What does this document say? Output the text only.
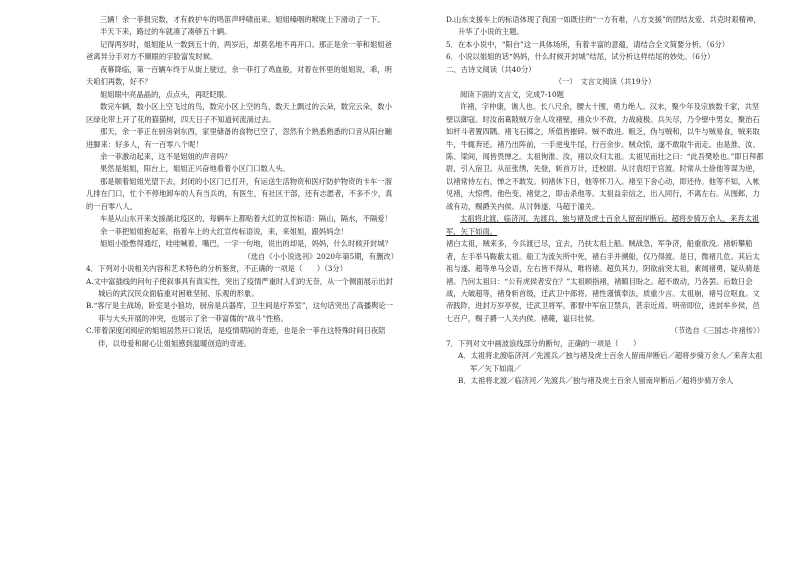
三辆！余一菲报完数，才有救护车的鸣笛声呼啸而来。姐姐嗓咽的喉咙上下滑动了一下。

半天下来，路过的车就凑了凑够五十辆。

记得两岁时，姐姐能从一数到五十的，两岁后，却莫名地不再开口。那正是余一菲和姐姐爸爸离异分手对方不顺眼的字脸富发时候。

夜幕降临，第一百辆车终于从街上驶过，余一菲打了鸡血般，对着在怀里的姐姐说，乖，明天咱们再数，好不？

姐姐眼中亮晶晶的，点点头，再眨眨眼。

数完车辆，数小区上空飞过的鸟，数完小区上空的鸟，数天上飘过的云朵，数完云朵，数小区绿化带上开了花的猫猫树，四天日子不知道何流淌过去。

那天，余一菲正在厨房剁东西，家里储备的食物已空了，忽然有个熟悉熟悉的口音从阳台蹦进脚来：好多人，有一百零八个呢！

余一菲激动起来，这不是姐姐的声音吗？

果然是姐姐，阳台上，姐姐正兴奋地看着小区门口数人头。

那是顺着姐姐光望下去，封闭的小区门已打开，有运送生活物资和医疗防护物资的卡车一溜儿排在门口，忙个不停地卸车的人有当兵的，有医生，有社区干部，还有志愿者，不多不少，真的一百零八人。

车是从山东开来支援湖北疫区的，每辆车上都贴着大红的宣传标语：隔山，隔水，不隔爱！

余一菲把姐姐抱起来，指着车上的大红宣传标语说，来，来姐姐，跟妈妈念！

姐姐小脸憋得通红，哇哇喊着，嘴巴，一字一句地，说出的却是，妈妈，什么时候开封城？

（选自《小小说选刊》2020年第5期，有删改）

4．下列对小说相关内容和艺术特色的分析鉴赏，不正确的一项是（　　）（3分）

A.文中富插线的问句子使叙事具有真实性，突出了疫情严重时人们的无奈，从一个侧面展示出封城后的武汉民众面临重对困难坚韧、乐观的形象。

B.“客厅是主战场，卧室是小狼坊，厨房是兵器库，卫生间是疗养室”，这句话突出了高播舆论一菲与大头开展的冲突，也展示了余一菲富儒的“战斗”性格。

C.带着深度闭阅症的姐姐居然开口说话，是疫情期间的奇迹，也是余一菲在这特殊时间日夜陪伴，以母爱和耐心让姐姐感到温暖创造的奇迹。

D.山东支援车上的标语体现了我国一如既往的“一方有难，八方支援”的团结友爱、共克时艰精神，升华了小说的主题。

5．在本小说中，“阳台”这一具体场所，有着丰富的意蕴，请结合全文简要分析。（6分）

6．小说以姐姐的话“妈妈，什么时候开封城”结尾，试分析这样结尾的妙处。（6分）

二、古诗文阅读（共40分）

（一）　文言文阅读（共19分）

阅读下面的文言文，完成7-10题

许褚，字仲康，谯人也。长八尺余，腰大十围，勇力绝人。汉末，聚少年及宗族数千家，共坚壁以御寇。时汝南葛陂贼万余人攻褚壁，褚众少不敌，力战疲极。兵矢尽，乃令壁中男女，聚治石如杆斗者置四隅。褚飞石掷之，所值皆摧碎。贼不敢进。粮乏，伪与贼和，以牛与贼易食，贼来取牛，牛辄奔还。褚乃出阵前，一手逆曳牛尾，行百余步。贼众惊，遂不敢取牛而走。由是淮、汝、陈、梁间，闻皆畏惮之。太祖徇淮、汝，褚以众归太祖。太祖见而壮之曰：“此吾樊哙也。”即日拜都尉，引入宿卫。从征张绣，先登，斩首万计，迁校尉。从讨袁绍于官渡。时常从士徐他等谋为逆，以褚常侍左右，惮之不敢发。伺褚休下日，他等怀刀入。褚至下舍心动，即还侍。他等不知，入帐见褚，大惊愕。他色变，褚觉之，即击杀他等。太祖益亲信之，出入同行，不离左右。从围邺，力战有功，赐爵关内侯。从讨韩遂、马超于潼关。

太祖将北渡，临济河，先渡兵，独与褚及虎士百余人留南岸断后。超将步骑万余人，来奔太祖军，矢下如雨。

褚白太祖，贼来多，今兵渡已尽，宜去，乃扶太祖上船。贼战急，军争济，船重欲没。褚斩攀船者，左手举马鞍蔽太祖。船工为流矢所中死，褚右手并溯船，仅乃得渡。是日，微褚几危。其后太祖与遂、超等单马会语，左右皆不得从，唯将褚。超负其力，阴欲前突太祖，素闻褚勇，疑从骑是褚。乃问太祖曰：“公有虎侯者安在？”太祖顾指褚，褚瞋目盼之。超不敢动，乃各罢。后数日会战，大破超等，褚身斩首级，迁武卫中郎将。褚性谨慎奉法，质重少言。太祖崩，褚号泣呕血。文帝践阼，进封万岁亭侯，迁武卫将军，都督中军宿卫禁兵，甚亲近焉。明帝即位，进封牟乡侯，邑七百户，赐子爵一人关内侯。褚薨，谥曰壮侯。

（节选自《三国志·许褚传》）

7．下列对文中画波浪线部分的断句，正确的一项是（　　）

A．太祖将北渡临济河／先渡兵／独与褚及虎士百余人留南岸断后／超将步骑万余人／来奔太祖军／矢下如雨／

B．太祖将北渡／临济河／先渡兵／独与褚及虎士百余人留南岸断后／超将步骑万余人
